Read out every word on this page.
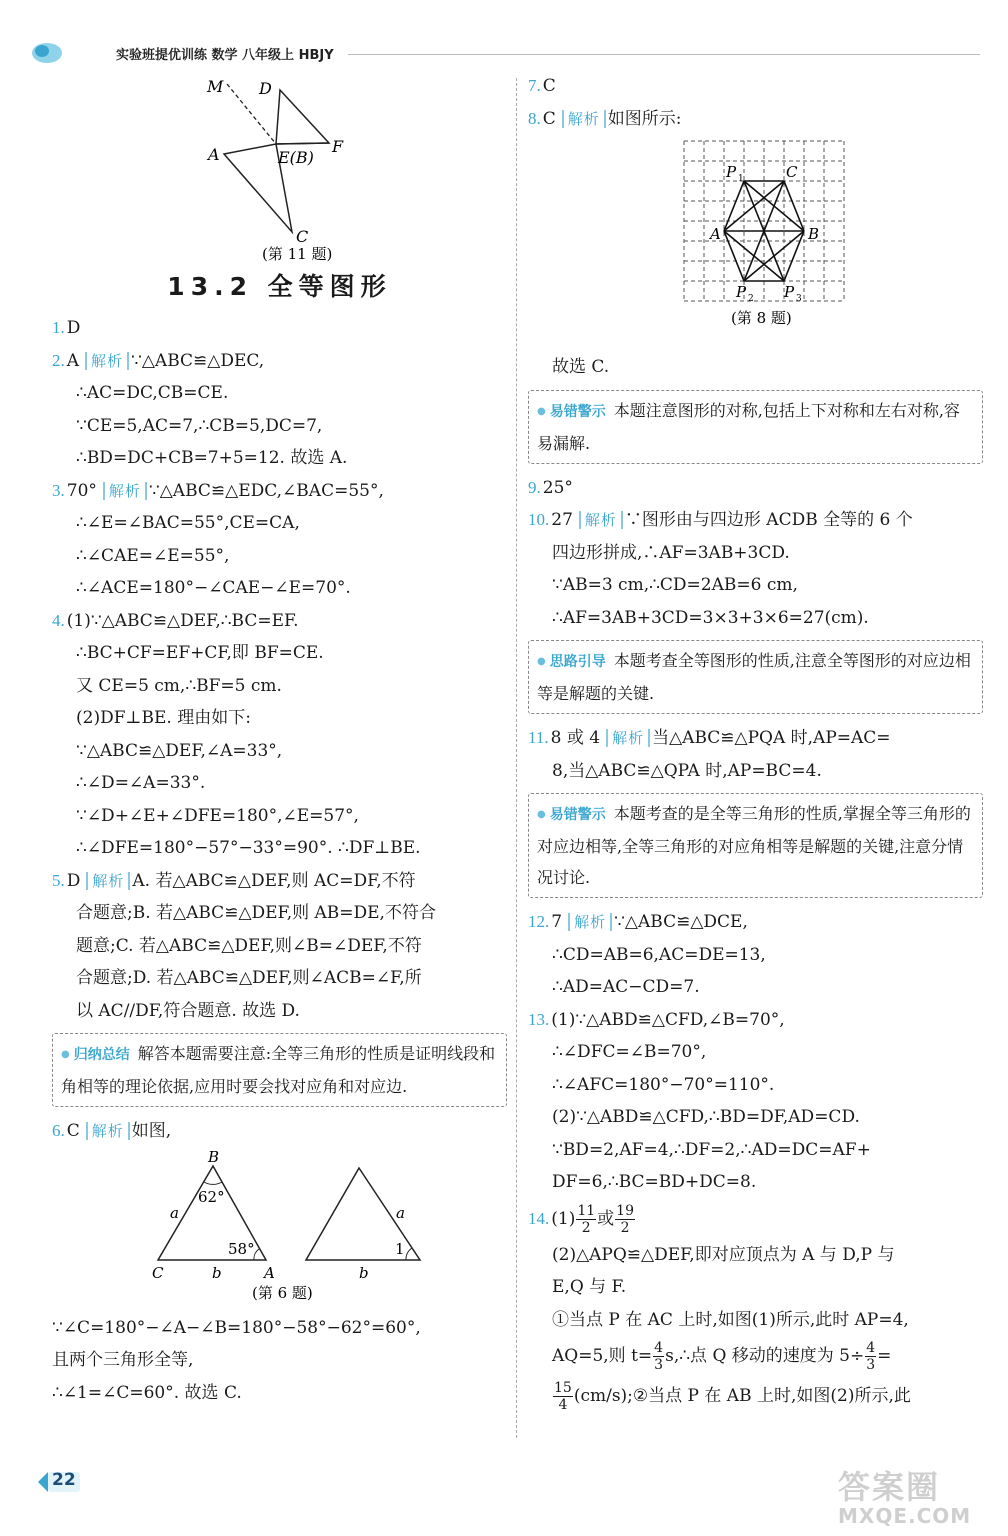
实验班提优训练 数学 八年级上 HBJY
M D
A	E(B)
F
C
(第 11 题)
13.2 全等图形
1. D
2. A 解析 ∵△ABC≌△DEC,
∴AC=DC,CB=CE.
∵CE=5,AC=7,∴CB=5,DC=7,
∴BD=DC+CB=7+5=12. 故选 A.
3. 70° 解析 ∵△ABC≌△EDC,∠BAC=55°,
∴∠E=∠BAC=55°,CE=CA,
∴∠CAE=∠E=55°,
∴∠ACE=180°−∠CAE−∠E=70°.
4. (1)∵△ABC≌△DEF,∴BC=EF.
∴BC+CF=EF+CF,即 BF=CE.
又 CE=5 cm,∴BF=5 cm.
(2)DF⊥BE. 理由如下:
∵△ABC≌△DEF,∠A=33°,
∴∠D=∠A=33°.
∵∠D+∠E+∠DFE=180°,∠E=57°,
∴∠DFE=180°−57°−33°=90°. ∴DF⊥BE.
5. D 解析 A. 若△ABC≌△DEF,则 AC=DF,不符
合题意;B. 若△ABC≌△DEF,则 AB=DE,不符合
题意;C. 若△ABC≌△DEF,则∠B=∠DEF,不符
合题意;D. 若△ABC≌△DEF,则∠ACB=∠F,所
以 AC//DF,符合题意. 故选 D.
● 归纳总结 解答本题需要注意:全等三角形的性质是证明线段和角相等的理论依据,应用时要会找对应角和对应边.
6. C 解析 如图,
B
C	A
a
b
62°
58°
a
b
1
(第 6 题)
∵∠C=180°−∠A−∠B=180°−58°−62°=60°,
且两个三角形全等,
∴∠1=∠C=60°. 故选 C.
7. C
8. C 解析 如图所示:
P 1	C
A	B
P 2 P 3
(第 8 题)
故选 C.
● 易错警示 本题注意图形的对称,包括上下对称和左右对称,容易漏解.
9. 25°
10. 27 解析 ∵图形由与四边形 ACDB 全等的 6 个
四边形拼成,∴AF=3AB+3CD.
∵AB=3 cm,∴CD=2AB=6 cm,
∴AF=3AB+3CD=3×3+3×6=27(cm).
● 思路引导 本题考查全等图形的性质,注意全等图形的对应边相等是解题的关键.
11. 8 或 4 解析 当△ABC≌△PQA 时,AP=AC=
8,当△ABC≌△QPA 时,AP=BC=4.
● 易错警示 本题考查的是全等三角形的性质,掌握全等三角形的对应边相等,全等三角形的对应角相等是解题的关键,注意分情况讨论.
12. 7 解析 ∵△ABC≌△DCE,
∴CD=AB=6,AC=DE=13,
∴AD=AC−CD=7.
13. (1)∵△ABD≌△CFD,∠B=70°,
∴∠DFC=∠B=70°,
∴∠AFC=180°−70°=110°.
(2)∵△ABD≌△CFD,∴BD=DF,AD=CD.
∵BD=2,AF=4,∴DF=2,∴AD=DC=AF+
DF=6,∴BC=BD+DC=8.
14. $(1) \frac{11}{2}$ 或 $\frac{19}{2}$
(2)△APQ≌△DEF,即对应顶点为 A 与 D,P 与
E,Q 与 F.
①当点 P 在 AC 上时,如图(1)所示,此时 AP=4,
AQ=5,则 $t= \frac{4}{3}$ s,∴点 Q 移动的速度为 $5\div \frac{4}{3}$ =
$\frac{15}{4}$ (cm/s);②当点 P 在 AB 上时,如图(2)所示,此
22	答案圈
MXQE.COM
